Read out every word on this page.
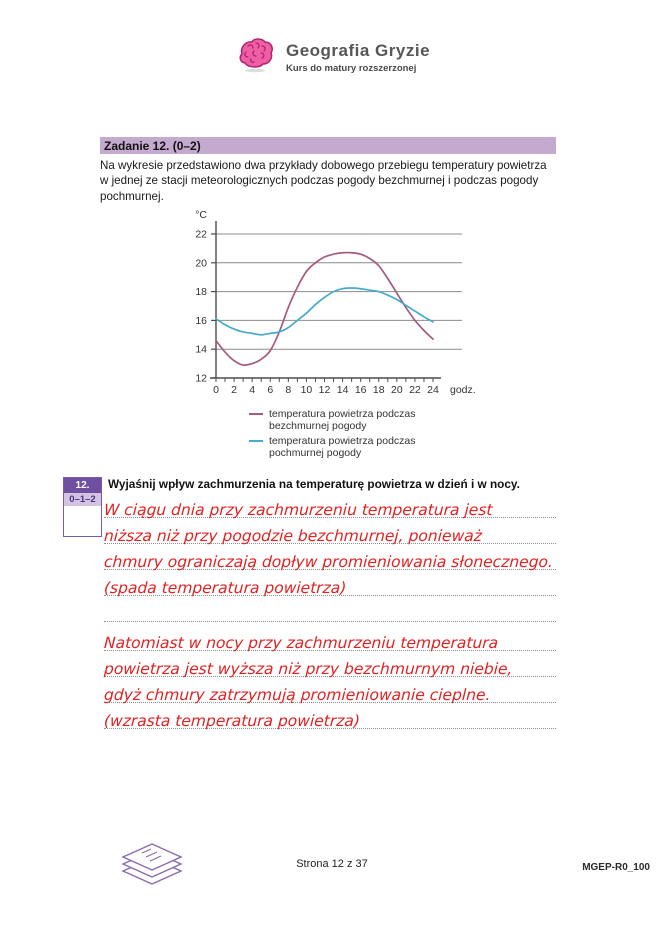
Geografia Gryzie
Kurs do matury rozszerzonej
Zadanie 12. (0–2)
Na wykresie przedstawiono dwa przykłady dobowego przebiegu temperatury powietrza w jednej ze stacji meteorologicznych podczas pogody bezchmurnej i podczas pogody pochmurnej.
12
14
16
18
20
22
°C
0 2 4 6 8 10 12 14 16 18 20 22 24 godz.
temperatura powietrza podczas
bezchmurnej pogody
temperatura powietrza podczas
pochmurnej pogody
12.
0–1–2
Wyjaśnij wpływ zachmurzenia na temperaturę powietrza w dzień i w nocy.
W ciągu dnia przy zachmurzeniu temperatura jest
niższa niż przy pogodzie bezchmurnej, ponieważ
chmury ograniczają dopływ promieniowania słonecznego.
(spada temperatura powietrza)
Natomiast w nocy przy zachmurzeniu temperatura
powietrza jest wyższa niż przy bezchmurnym niebie,
gdyż chmury zatrzymują promieniowanie cieplne.
(wzrasta temperatura powietrza)
Strona 12 z 37	MGEP-R0_100
